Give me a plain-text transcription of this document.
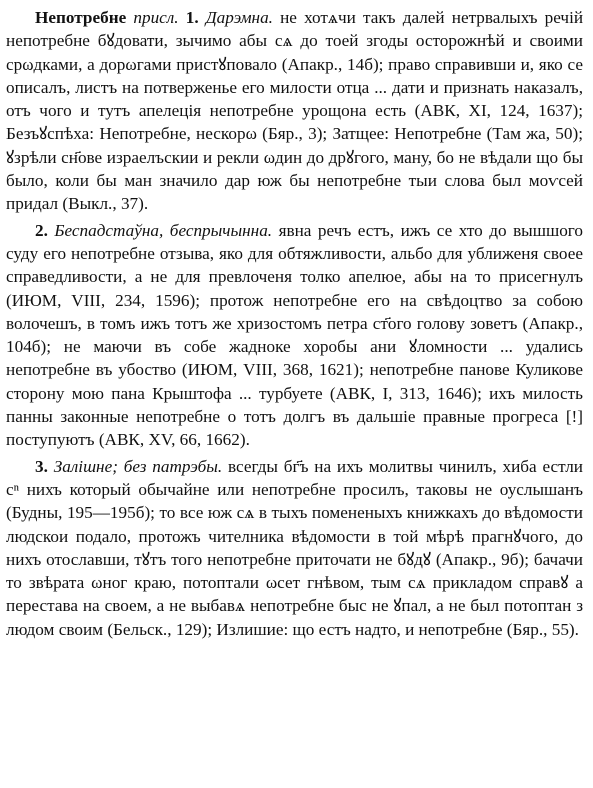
Непотребне присл. 1. Дарэмна. не хотѧчи такъ далей нетрвалыхъ речій непотребне бꙋдовати, зычимо абы сѧ до тоей згоды осторожнѣй и своими срωдками, а дорωгами пристꙋповало (Апакр., 14б); право справивши и, яко се описалъ, листъ на потверженье его милости отца ... дати и признать наказалъ, отъ чого и тутъ апелеція непотребне урощона есть (АВК, ХІ, 124, 1637); Безъꙋспѣха: Непотребне, нескорω (Бяр., 3); Затщее: Непотребне (Там жа, 50); ꙋзрѣли сн҃ове израелъскии и рекли ωдин до дрꙋгого, ману, бо не вѣдали що бы было, коли бы ман значило дар юж бы непотребне тыи слова был моѵсей придал (Выкл., 37).

2. Беспадстаўна, беспрычынна. явна речъ естъ, ижъ се хто до вышшого суду его непотребне отзыва, яко для обтяжливости, альбо для уближеня своее справедливости, а не для превлоченя толко апелюе, абы на то присегнулъ (ИЮМ, VIII, 234, 1596); протож непотребне его на свѣдоцтво за собою волочешъ, в томъ ижъ тотъ же хризостомъ петра ст҃ого голову зоветъ (Апакр., 104б); не маючи въ собе жадноке хоробы ани ꙋломности ... удались непотребне въ убоство (ИЮМ, VIII, 368, 1621); непотребне панове Куликове сторону мою пана Крыштофа ... турбуете (АВК, І, 313, 1646); ихъ милость панны законные непотребне о тотъ долгъ въ дальшіе правные прогреса [!] поступуютъ (АВК, XV, 66, 1662).

3. Залішне; без патрэбы. всегды бг҃ъ на ихъ молитвы чинилъ, хиба естли cⁿ нихъ который обычайне или непотребне просилъ, таковы не оуслышанъ (Будны, 195—195б); то все юж сѧ в тыхъ помененыхъ книжкахъ до вѣдомости людскои подало, протожъ чителника вѣдомости в той мѣрѣ прагнꙋчого, до нихъ отославши, тꙋтъ того непотребне приточати не бꙋдꙋ (Апакр., 9б); бачачи то звѣрата ωног краю, потоптали ωсет гнѣвом, тым сѧ прикладом справꙋ а перестава на своем, а не выбавѧ непотребне быс не ꙋпал, а не был потоптан з людом своим (Бельск., 129); Излишие: що естъ надто, и непотребне (Бяр., 55).
